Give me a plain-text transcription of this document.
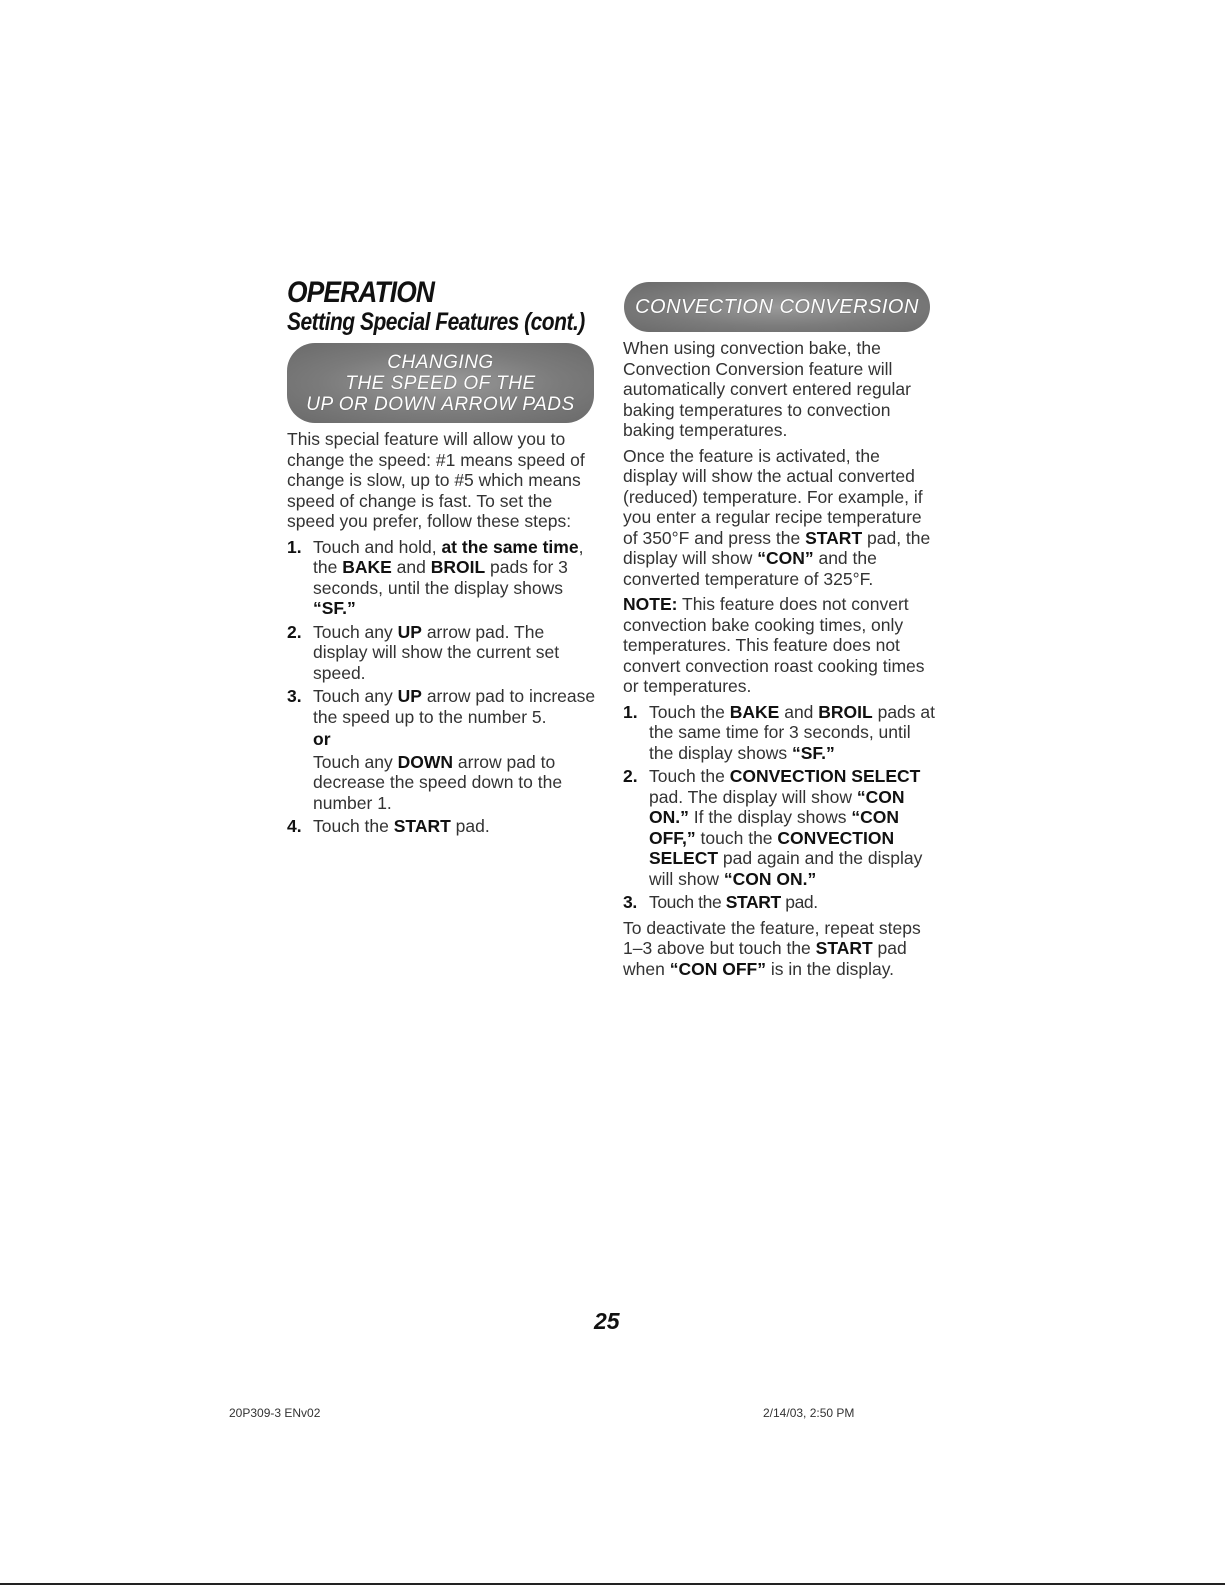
OPERATION
Setting Special Features (cont.)
CHANGING
THE SPEED OF THE
UP OR DOWN ARROW PADS

This special feature will allow you to change the speed: #1 means speed of change is slow, up to #5 which means speed of change is fast. To set the speed you prefer, follow these steps:

1. Touch and hold, at the same time, the BAKE and BROIL pads for 3 seconds, until the display shows “SF.”
2. Touch any UP arrow pad. The display will show the current set speed.
3. Touch any UP arrow pad to increase the speed up to the number 5.
or
Touch any DOWN arrow pad to decrease the speed down to the number 1.
4. Touch the START pad.
CONVECTION CONVERSION

When using convection bake, the Convection Conversion feature will automatically convert entered regular baking temperatures to convection baking temperatures.

Once the feature is activated, the display will show the actual converted (reduced) temperature. For example, if you enter a regular recipe temperature of 350°F and press the START pad, the display will show “CON” and the converted temperature of 325°F.

NOTE: This feature does not convert convection bake cooking times, only temperatures. This feature does not convert convection roast cooking times or temperatures.

1. Touch the BAKE and BROIL pads at the same time for 3 seconds, until the display shows “SF.”
2. Touch the CONVECTION SELECT pad. The display will show “CON ON.” If the display shows “CON OFF,” touch the CONVECTION SELECT pad again and the display will show “CON ON.”
3. Touch the START pad.

To deactivate the feature, repeat steps 1–3 above but touch the START pad when “CON OFF” is in the display.

25
20P309-3 ENv02	2/14/03, 2:50 PM
